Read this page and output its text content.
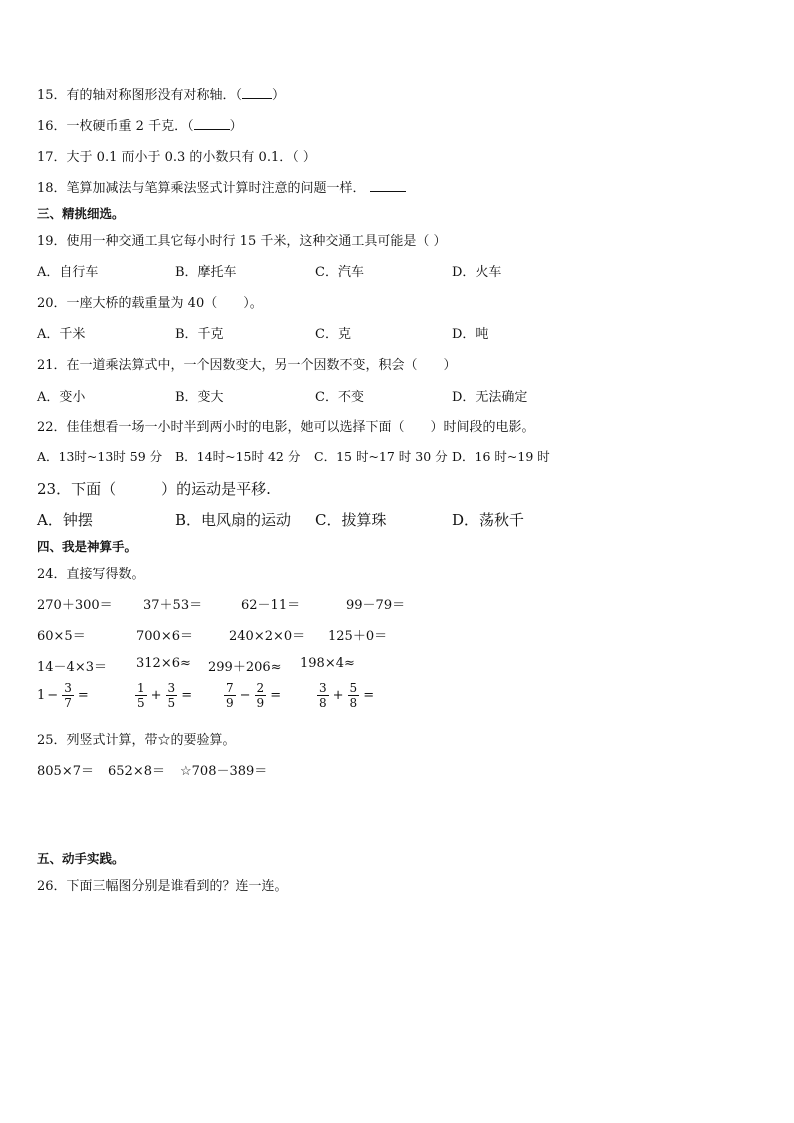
15．有的轴对称图形没有对称轴．（ ）
16．一枚硬币重 2 千克．（	）
17．大于 0.1 而小于 0.3 的小数只有 0.1．（ ）
18．笔算加减法与笔算乘法竖式计算时注意的问题一样．
三、精挑细选。
19．使用一种交通工具它每小时行 15 千米，这种交通工具可能是（ ）
A．自行车	B．摩托车	C．汽车	D．火车
20．一座大桥的载重量为 40（　　）。
A．千米	B．千克	C．克	D．吨
21．在一道乘法算式中，一个因数变大，另一个因数不变，积会（　　）
A．变小	B．变大	C．不变	D．无法确定
22．佳佳想看一场一小时半到两小时的电影，她可以选择下面（　　）时间段的电影。
A．13时~13时 59 分 B．14时~15时 42 分 C．15 时~17 时 30 分 D．16 时~19 时
23．下面（　　　）的运动是平移.
A．钟摆	B．电风扇的运动 C．拔算珠	D．荡秋千
四、我是神算手。
24．直接写得数。
270＋300＝ 37＋53＝	62－11＝	99－79＝
60×5＝	700×6＝	240×2×0＝ 125＋0＝
14－4×3＝ 312×6≈ 299＋206≈ 198×4≈
$1 - \frac{3}{7}$ =	$\frac{1}{5} + \frac{3}{5}$ =	$\frac{7}{9} - \frac{2}{9}$ =	$\frac{3}{8} + \frac{5}{8}$ =
25．列竖式计算，带☆的要验算。
805×7＝ 652×8＝ ☆708－389＝
五、动手实践。
26．下面三幅图分别是谁看到的？连一连。
